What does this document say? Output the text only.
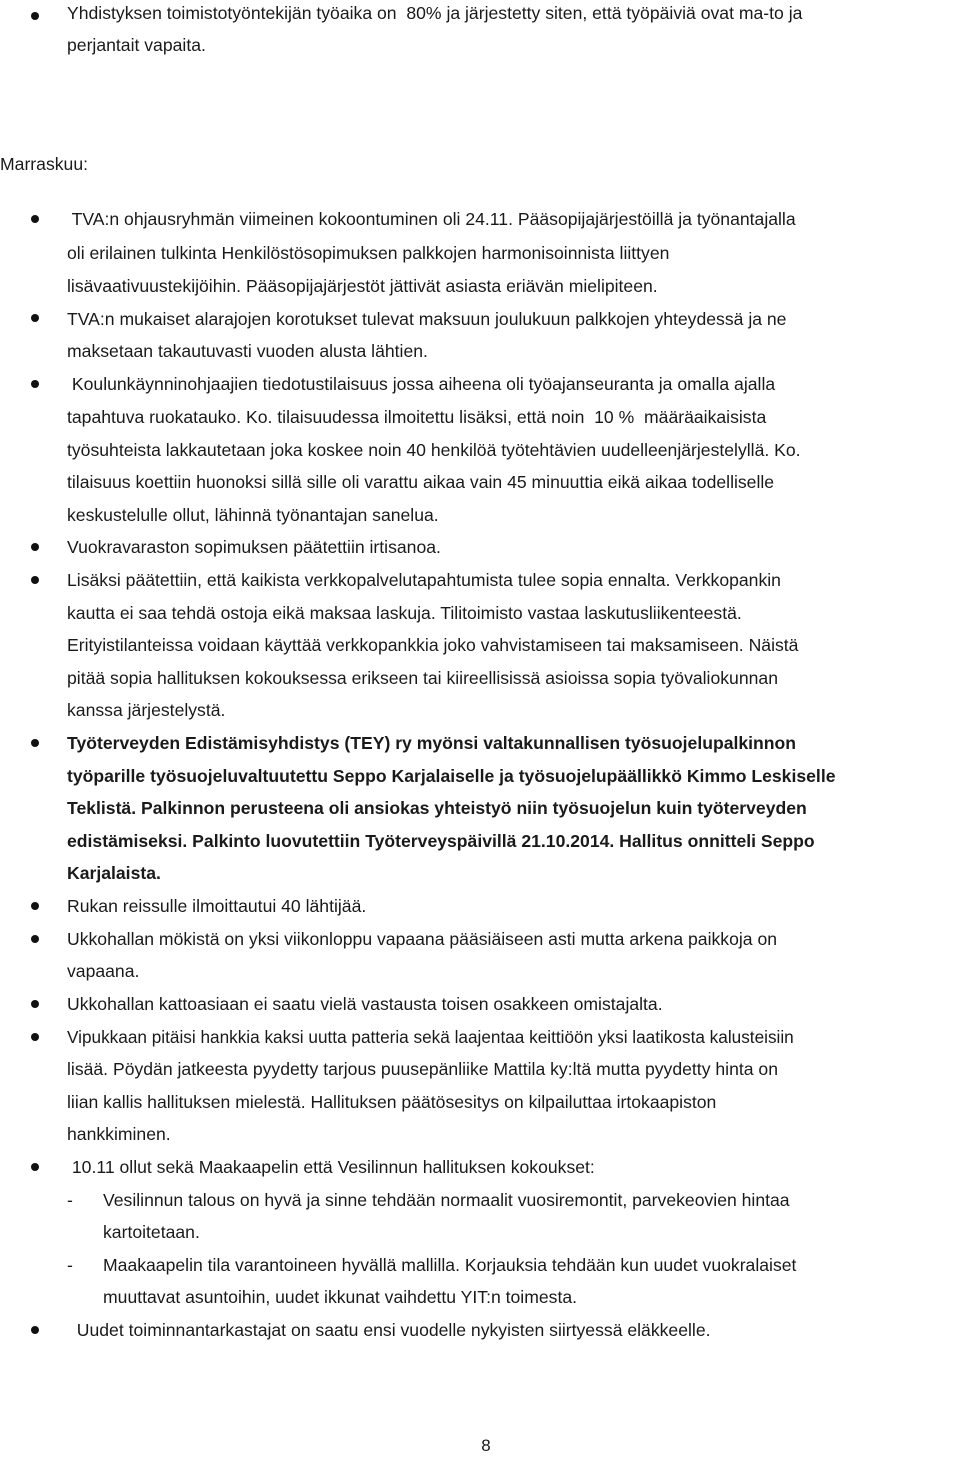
Yhdistyksen toimistotyöntekijän työaika on  80% ja järjestetty siten, että työpäiviä ovat ma-to ja
perjantait vapaita.
Marraskuu:
TVA:n ohjausryhmän viimeinen kokoontuminen oli 24.11. Pääsopijajärjestöillä ja työnantajalla
oli erilainen tulkinta Henkilöstösopimuksen palkkojen harmonisoinnista liittyen
lisävaativuustekijöihin. Pääsopijajärjestöt jättivät asiasta eriävän mielipiteen.
TVA:n mukaiset alarajojen korotukset tulevat maksuun joulukuun palkkojen yhteydessä ja ne
maksetaan takautuvasti vuoden alusta lähtien.
Koulunkäynninohjaajien tiedotustilaisuus jossa aiheena oli työajanseuranta ja omalla ajalla
tapahtuva ruokatauko. Ko. tilaisuudessa ilmoitettu lisäksi, että noin  10 %  määräaikaisista
työsuhteista lakkautetaan joka koskee noin 40 henkilöä työtehtävien uudelleenjärjestelyllä. Ko.
tilaisuus koettiin huonoksi sillä sille oli varattu aikaa vain 45 minuuttia eikä aikaa todelliselle
keskustelulle ollut, lähinnä työnantajan sanelua.
Vuokravaraston sopimuksen päätettiin irtisanoa.
Lisäksi päätettiin, että kaikista verkkopalvelutapahtumista tulee sopia ennalta. Verkkopankin
kautta ei saa tehdä ostoja eikä maksaa laskuja. Tilitoimisto vastaa laskutusliikenteestä.
Erityistilanteissa voidaan käyttää verkkopankkia joko vahvistamiseen tai maksamiseen. Näistä
pitää sopia hallituksen kokouksessa erikseen tai kiireellisissä asioissa sopia työvaliokunnan
kanssa järjestelystä.
Työterveyden Edistämisyhdistys (TEY) ry myönsi valtakunnallisen työsuojelupalkinnon
työparille työsuojeluvaltuutettu Seppo Karjalaiselle ja työsuojelupäällikkö Kimmo Leskiselle
Teklistä. Palkinnon perusteena oli ansiokas yhteistyö niin työsuojelun kuin työterveyden
edistämiseksi. Palkinto luovutettiin Työterveyspäivillä 21.10.2014. Hallitus onnitteli Seppo
Karjalaista.
Rukan reissulle ilmoittautui 40 lähtijää.
Ukkohallan mökistä on yksi viikonloppu vapaana pääsiäiseen asti mutta arkena paikkoja on
vapaana.
Ukkohallan kattoasiaan ei saatu vielä vastausta toisen osakkeen omistajalta.
Vipukkaan pitäisi hankkia kaksi uutta patteria sekä laajentaa keittiöön yksi laatikosta kalusteisiin
lisää. Pöydän jatkeesta pyydetty tarjous puusepänliike Mattila ky:ltä mutta pyydetty hinta on
liian kallis hallituksen mielestä. Hallituksen päätösesitys on kilpailuttaa irtokaapiston
hankkiminen.
10.11 ollut sekä Maakaapelin että Vesilinnun hallituksen kokoukset:
-	Vesilinnun talous on hyvä ja sinne tehdään normaalit vuosiremontit, parvekeovien hintaa
kartoitetaan.
-	Maakaapelin tila varantoineen hyvällä mallilla. Korjauksia tehdään kun uudet vuokralaiset
muuttavat asuntoihin, uudet ikkunat vaihdettu YIT:n toimesta.
Uudet toiminnantarkastajat on saatu ensi vuodelle nykyisten siirtyessä eläkkeelle.
8
